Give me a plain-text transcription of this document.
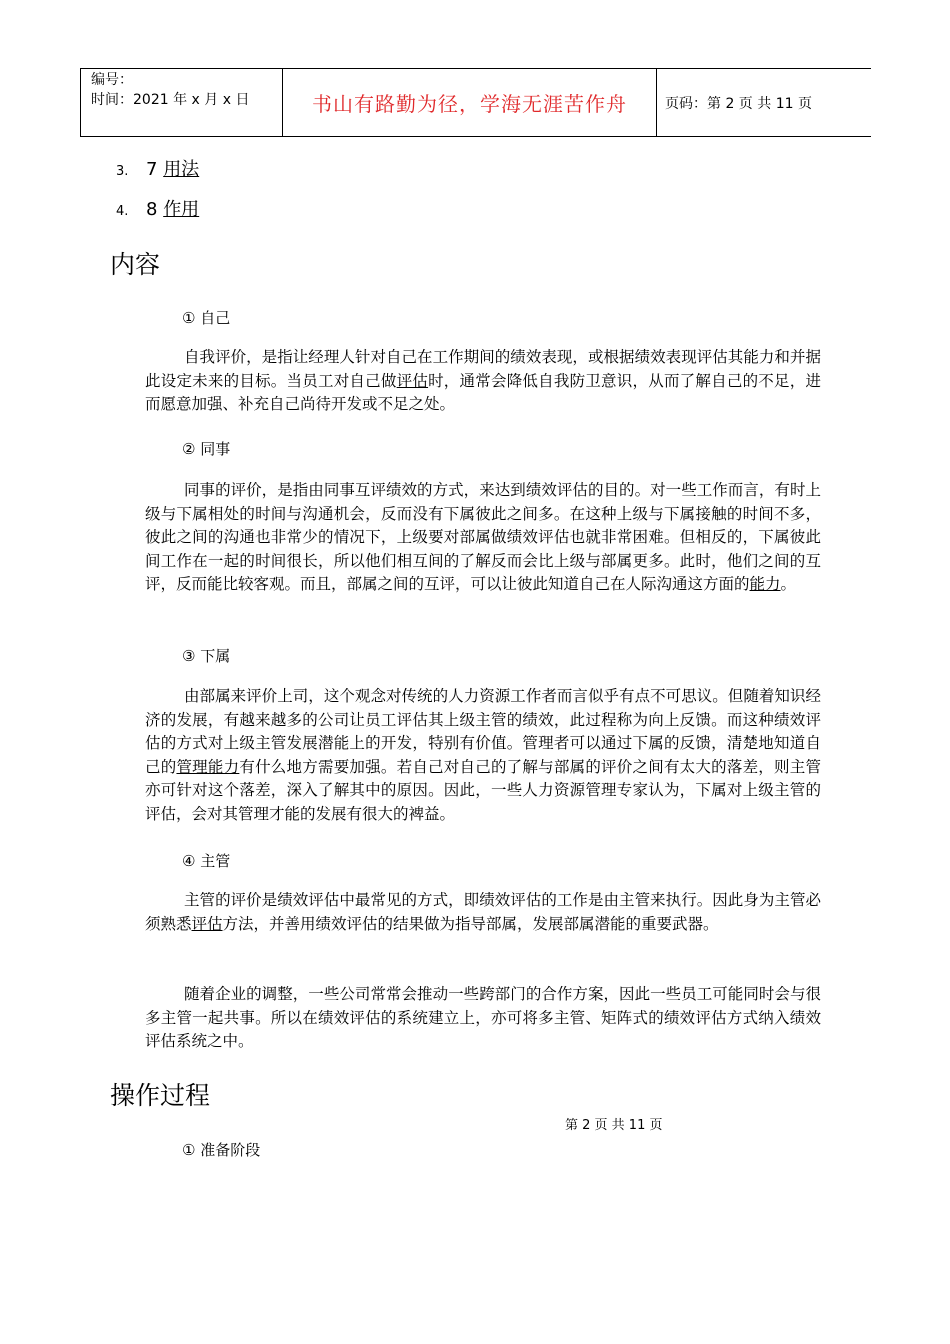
编号：
时间：2021 年 x 月 x 日	书山有路勤为径，学海无涯苦作舟	页码：第 2 页 共 11 页
3. 7 用法
4. 8 作用
内容
① 自己

自我评价，是指让经理人针对自己在工作期间的绩效表现，或根据绩效表现评估其能力和并据此设定未来的目标。当员工对自己做评估时，通常会降低自我防卫意识，从而了解自己的不足，进而愿意加强、补充自己尚待开发或不足之处。

② 同事

同事的评价，是指由同事互评绩效的方式，来达到绩效评估的目的。对一些工作而言，有时上级与下属相处的时间与沟通机会，反而没有下属彼此之间多。在这种上级与下属接触的时间不多，彼此之间的沟通也非常少的情况下，上级要对部属做绩效评估也就非常困难。但相反的，下属彼此间工作在一起的时间很长，所以他们相互间的了解反而会比上级与部属更多。此时，他们之间的互评，反而能比较客观。而且，部属之间的互评，可以让彼此知道自己在人际沟通这方面的能力。

③ 下属

由部属来评价上司，这个观念对传统的人力资源工作者而言似乎有点不可思议。但随着知识经济的发展，有越来越多的公司让员工评估其上级主管的绩效，此过程称为向上反馈。而这种绩效评估的方式对上级主管发展潜能上的开发，特别有价值。管理者可以通过下属的反馈，清楚地知道自己的管理能力有什么地方需要加强。若自己对自己的了解与部属的评价之间有太大的落差，则主管亦可针对这个落差，深入了解其中的原因。因此，一些人力资源管理专家认为，下属对上级主管的评估，会对其管理才能的发展有很大的裨益。

④ 主管

主管的评价是绩效评估中最常见的方式，即绩效评估的工作是由主管来执行。因此身为主管必须熟悉评估方法，并善用绩效评估的结果做为指导部属，发展部属潜能的重要武器。

随着企业的调整，一些公司常常会推动一些跨部门的合作方案，因此一些员工可能同时会与很多主管一起共事。所以在绩效评估的系统建立上，亦可将多主管、矩阵式的绩效评估方式纳入绩效评估系统之中。

操作过程
第 2 页 共 11 页
① 准备阶段
